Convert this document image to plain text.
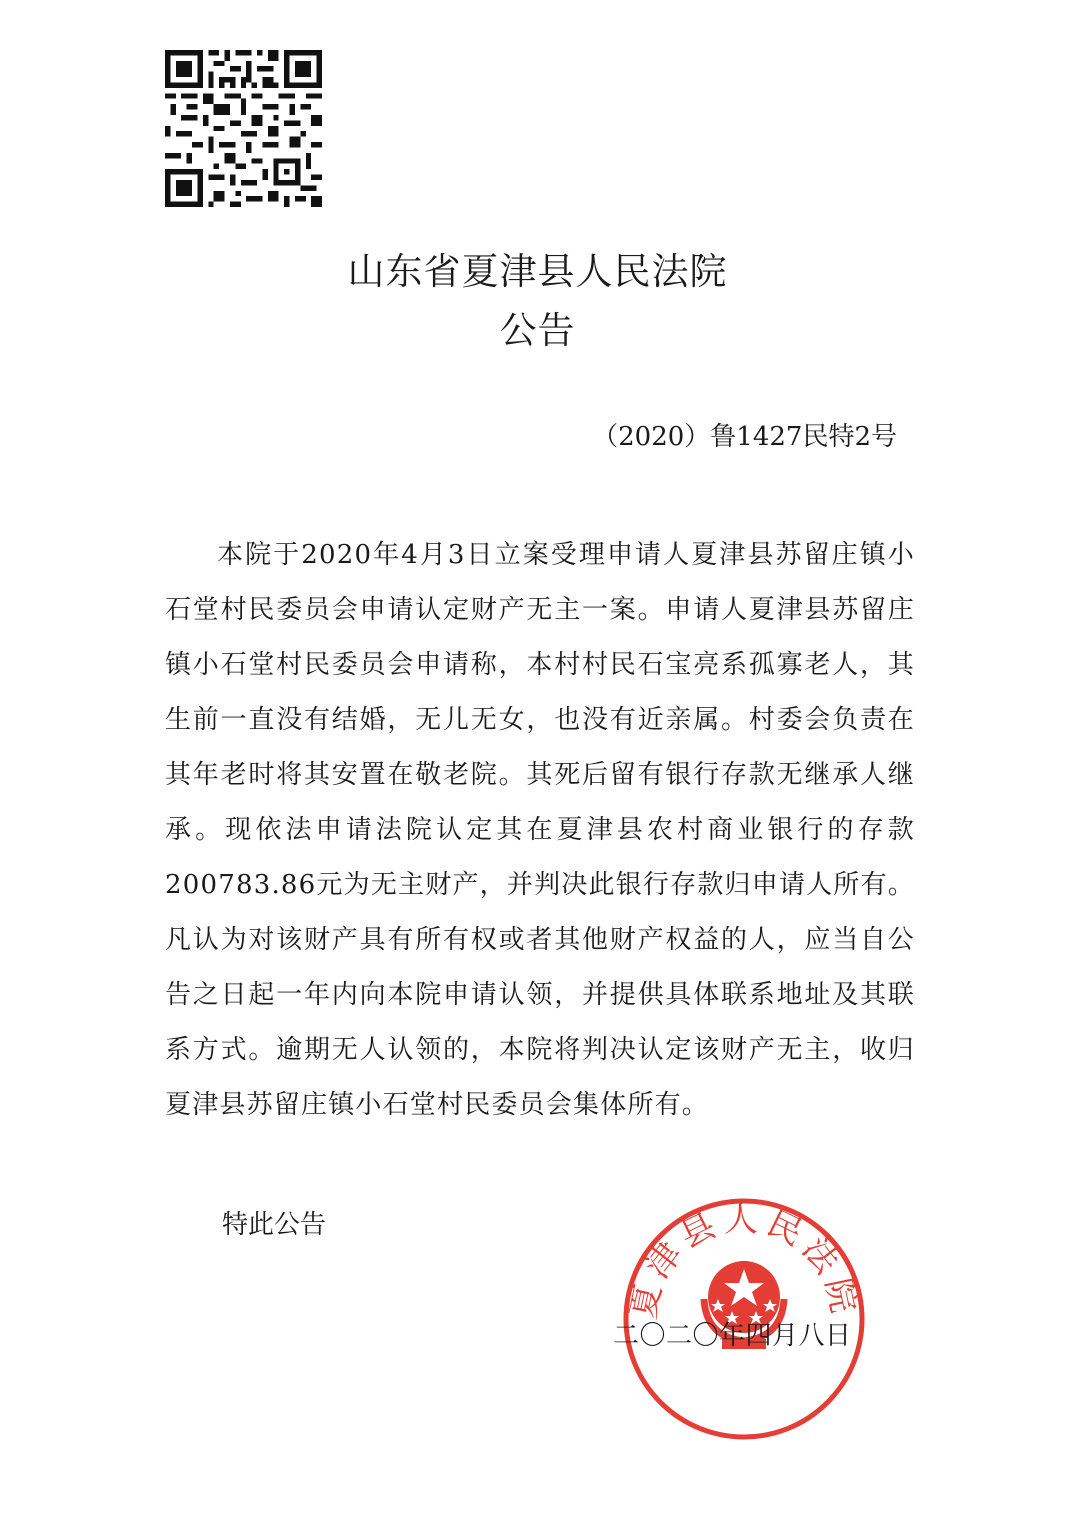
山东省夏津县人民法院
公告
（2020）鲁1427民特2号

本院于2020年4月3日立案受理申请人夏津县苏留庄镇小石堂村民委员会申请认定财产无主一案。申请人夏津县苏留庄镇小石堂村民委员会申请称，本村村民石宝亮系孤寡老人，其生前一直没有结婚，无儿无女，也没有近亲属。村委会负责在其年老时将其安置在敬老院。其死后留有银行存款无继承人继承。现依法申请法院认定其在夏津县农村商业银行的存款200783.86元为无主财产，并判决此银行存款归申请人所有。凡认为对该财产具有所有权或者其他财产权益的人，应当自公告之日起一年内向本院申请认领，并提供具体联系地址及其联系方式。逾期无人认领的，本院将判决认定该财产无主，收归夏津县苏留庄镇小石堂村民委员会集体所有。

特此公告
夏津县人民法院
二〇二〇年四月八日
